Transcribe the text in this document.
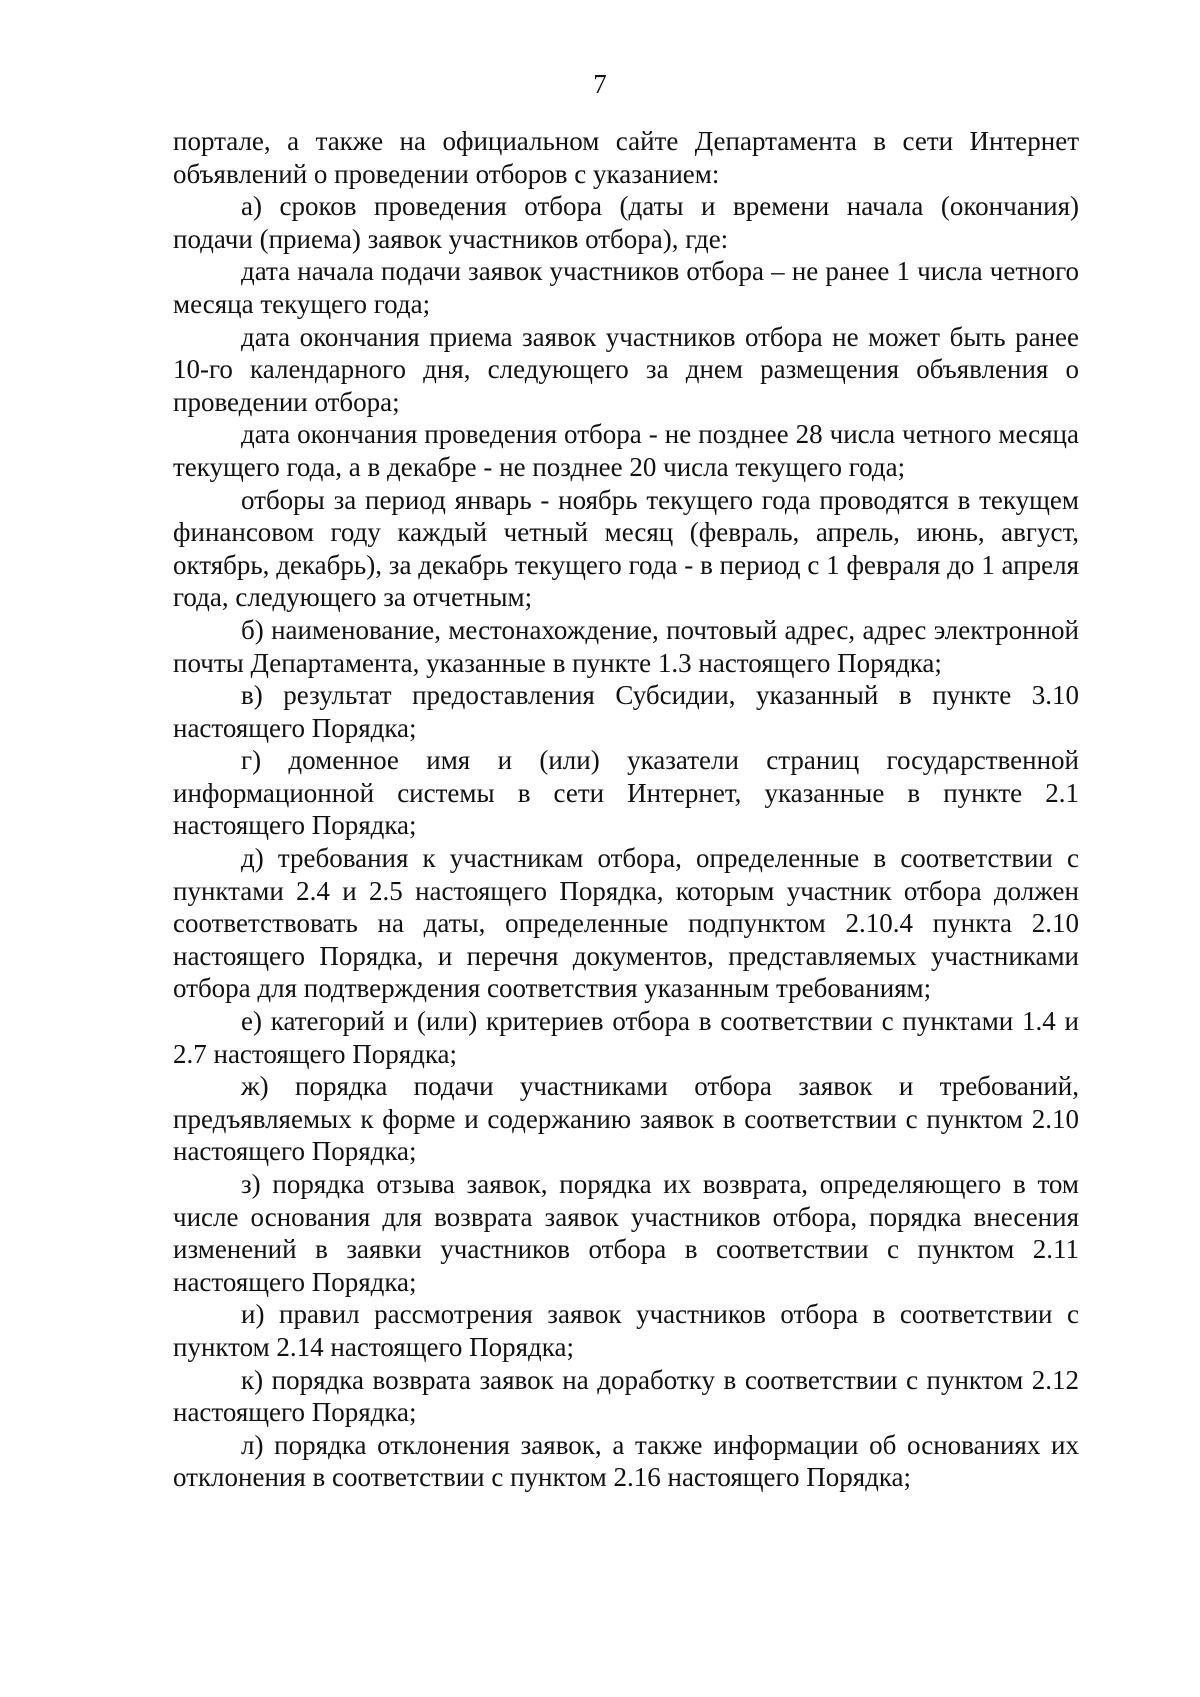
7

порталe, а также на официальном сайте Департамента в сети Интернет объявлений о проведении отборов с указанием:

а) сроков проведения отбора (даты и времени начала (окончания) подачи (приема) заявок участников отбора), где:

дата начала подачи заявок участников отбора – не ранее 1 числа четного месяца текущего года;

дата окончания приема заявок участников отбора не может быть ранее 10-го календарного дня, следующего за днем размещения объявления о проведении отбора;

дата окончания проведения отбора - не позднее 28 числа четного месяца текущего года, а в декабре - не позднее 20 числа текущего года;

отборы за период январь - ноябрь текущего года проводятся в текущем финансовом году каждый четный месяц (февраль, апрель, июнь, август, октябрь, декабрь), за декабрь текущего года - в период с 1 февраля до 1 апреля года, следующего за отчетным;

б) наименование, местонахождение, почтовый адрес, адрес электронной почты Департамента, указанные в пункте 1.3 настоящего Порядка;

в) результат предоставления Субсидии, указанный в пункте 3.10 настоящего Порядка;

г) доменное имя и (или) указатели страниц государственной информационной системы в сети Интернет, указанные в пункте 2.1 настоящего Порядка;

д) требования к участникам отбора, определенные в соответствии с пунктами 2.4 и 2.5 настоящего Порядка, которым участник отбора должен соответствовать на даты, определенные подпунктом 2.10.4 пункта 2.10 настоящего Порядка, и перечня документов, представляемых участниками отбора для подтверждения соответствия указанным требованиям;

е) категорий и (или) критериев отбора в соответствии с пунктами 1.4 и 2.7 настоящего Порядка;

ж) порядка подачи участниками отбора заявок и требований, предъявляемых к форме и содержанию заявок в соответствии с пунктом 2.10 настоящего Порядка;

з) порядка отзыва заявок, порядка их возврата, определяющего в том числе основания для возврата заявок участников отбора, порядка внесения изменений в заявки участников отбора в соответствии с пунктом 2.11 настоящего Порядка;

и) правил рассмотрения заявок участников отбора в соответствии с пунктом 2.14 настоящего Порядка;

к) порядка возврата заявок на доработку в соответствии с пунктом 2.12 настоящего Порядка;

л) порядка отклонения заявок, а также информации об основаниях их отклонения в соответствии с пунктом 2.16 настоящего Порядка;
